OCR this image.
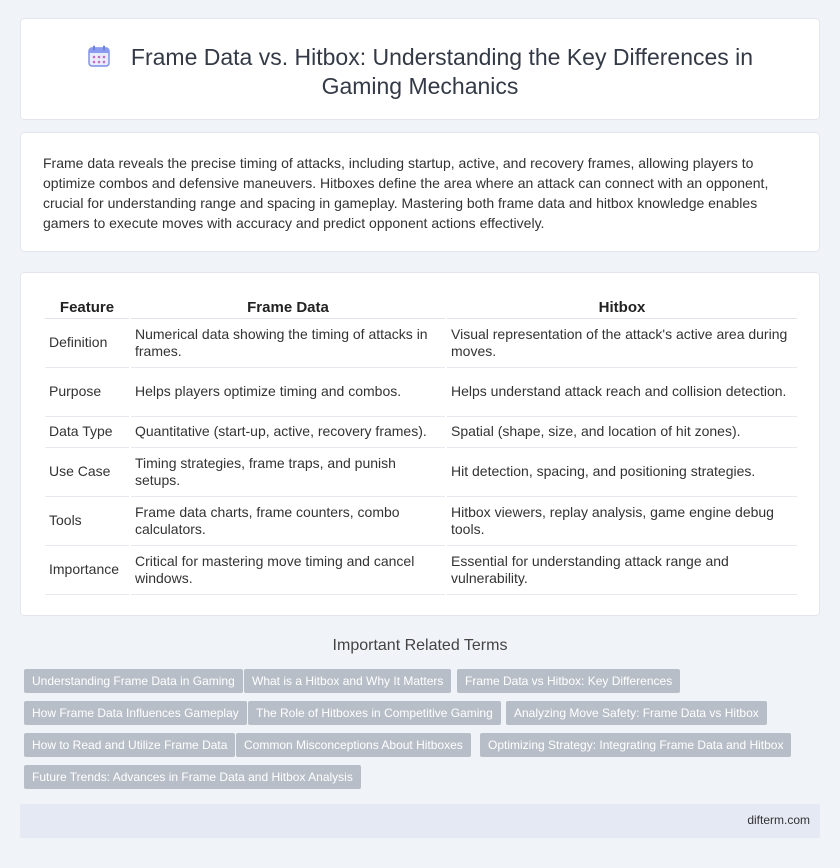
Frame Data vs. Hitbox: Understanding the Key Differences in Gaming Mechanics

Frame data reveals the precise timing of attacks, including startup, active, and recovery frames, allowing players to optimize combos and defensive maneuvers. Hitboxes define the area where an attack can connect with an opponent, crucial for understanding range and spacing in gameplay. Mastering both frame data and hitbox knowledge enables gamers to execute moves with accuracy and predict opponent actions effectively.

Feature	Frame Data	Hitbox
Definition	Numerical data showing the timing of attacks in frames.	Visual representation of the attack's active area during moves.
Purpose	Helps players optimize timing and combos.	Helps understand attack reach and collision detection.
Data Type	Quantitative (start-up, active, recovery frames).	Spatial (shape, size, and location of hit zones).
Use Case	Timing strategies, frame traps, and punish setups.	Hit detection, spacing, and positioning strategies.
Tools	Frame data charts, frame counters, combo calculators.	Hitbox viewers, replay analysis, game engine debug tools.
Importance	Critical for mastering move timing and cancel windows.	Essential for understanding attack range and vulnerability.
Important Related Terms
Understanding Frame Data in Gaming	What is a Hitbox and Why It Matters	Frame Data vs Hitbox: Key Differences
How Frame Data Influences Gameplay	The Role of Hitboxes in Competitive Gaming	Analyzing Move Safety: Frame Data vs Hitbox
How to Read and Utilize Frame Data	Common Misconceptions About Hitboxes	Optimizing Strategy: Integrating Frame Data and Hitbox
Future Trends: Advances in Frame Data and Hitbox Analysis
difterm.com
